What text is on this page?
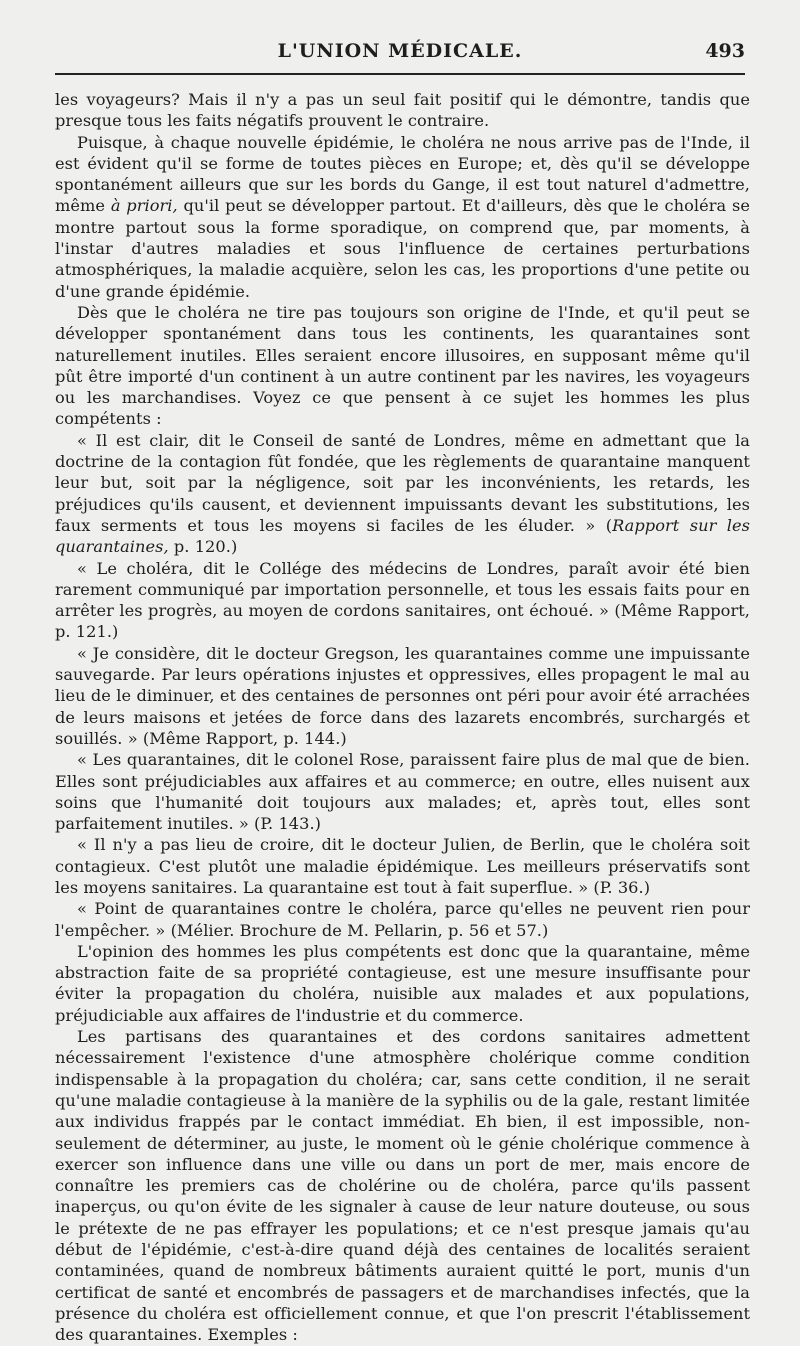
L'UNION MÉDICALE.	493

les voyageurs? Mais il n'y a pas un seul fait positif qui le démontre, tandis que presque tous les faits négatifs prouvent le contraire.

Puisque, à chaque nouvelle épidémie, le choléra ne nous arrive pas de l'Inde, il est évident qu'il se forme de toutes pièces en Europe; et, dès qu'il se développe spontanément ailleurs que sur les bords du Gange, il est tout naturel d'admettre, même à priori, qu'il peut se développer partout. Et d'ailleurs, dès que le choléra se montre partout sous la forme sporadique, on comprend que, par moments, à l'instar d'autres maladies et sous l'influence de certaines perturbations atmosphériques, la maladie acquière, selon les cas, les proportions d'une petite ou d'une grande épidémie.

Dès que le choléra ne tire pas toujours son origine de l'Inde, et qu'il peut se développer spontanément dans tous les continents, les quarantaines sont naturellement inutiles. Elles seraient encore illusoires, en supposant même qu'il pût être importé d'un continent à un autre continent par les navires, les voyageurs ou les marchandises. Voyez ce que pensent à ce sujet les hommes les plus compétents :

« Il est clair, dit le Conseil de santé de Londres, même en admettant que la doctrine de la contagion fût fondée, que les règlements de quarantaine manquent leur but, soit par la négligence, soit par les inconvénients, les retards, les préjudices qu'ils causent, et deviennent impuissants devant les substitutions, les faux serments et tous les moyens si faciles de les éluder. » (Rapport sur les quarantaines, p. 120.)

« Le choléra, dit le Collége des médecins de Londres, paraît avoir été bien rarement communiqué par importation personnelle, et tous les essais faits pour en arrêter les progrès, au moyen de cordons sanitaires, ont échoué. » (Même Rapport, p. 121.)

« Je considère, dit le docteur Gregson, les quarantaines comme une impuissante sauvegarde. Par leurs opérations injustes et oppressives, elles propagent le mal au lieu de le diminuer, et des centaines de personnes ont péri pour avoir été arrachées de leurs maisons et jetées de force dans des lazarets encombrés, surchargés et souillés. » (Même Rapport, p. 144.)

« Les quarantaines, dit le colonel Rose, paraissent faire plus de mal que de bien. Elles sont préjudiciables aux affaires et au commerce; en outre, elles nuisent aux soins que l'humanité doit toujours aux malades; et, après tout, elles sont parfaitement inutiles. » (P. 143.)

« Il n'y a pas lieu de croire, dit le docteur Julien, de Berlin, que le choléra soit contagieux. C'est plutôt une maladie épidémique. Les meilleurs préservatifs sont les moyens sanitaires. La quarantaine est tout à fait superflue. » (P. 36.)

« Point de quarantaines contre le choléra, parce qu'elles ne peuvent rien pour l'empêcher. » (Mélier. Brochure de M. Pellarin, p. 56 et 57.)

L'opinion des hommes les plus compétents est donc que la quarantaine, même abstraction faite de sa propriété contagieuse, est une mesure insuffisante pour éviter la propagation du choléra, nuisible aux malades et aux populations, préjudiciable aux affaires de l'industrie et du commerce.

Les partisans des quarantaines et des cordons sanitaires admettent nécessairement l'existence d'une atmosphère cholérique comme condition indispensable à la propagation du choléra; car, sans cette condition, il ne serait qu'une maladie contagieuse à la manière de la syphilis ou de la gale, restant limitée aux individus frappés par le contact immédiat. Eh bien, il est impossible, non-seulement de déterminer, au juste, le moment où le génie cholérique commence à exercer son influence dans une ville ou dans un port de mer, mais encore de connaître les premiers cas de cholérine ou de choléra, parce qu'ils passent inaperçus, ou qu'on évite de les signaler à cause de leur nature douteuse, ou sous le prétexte de ne pas effrayer les populations; et ce n'est presque jamais qu'au début de l'épidémie, c'est-à-dire quand déjà des centaines de localités seraient contaminées, quand de nombreux bâtiments auraient quitté le port, munis d'un certificat de santé et encombrés de passagers et de marchandises infectés, que la présence du choléra est officiellement connue, et que l'on prescrit l'établissement des quarantaines. Exemples :
